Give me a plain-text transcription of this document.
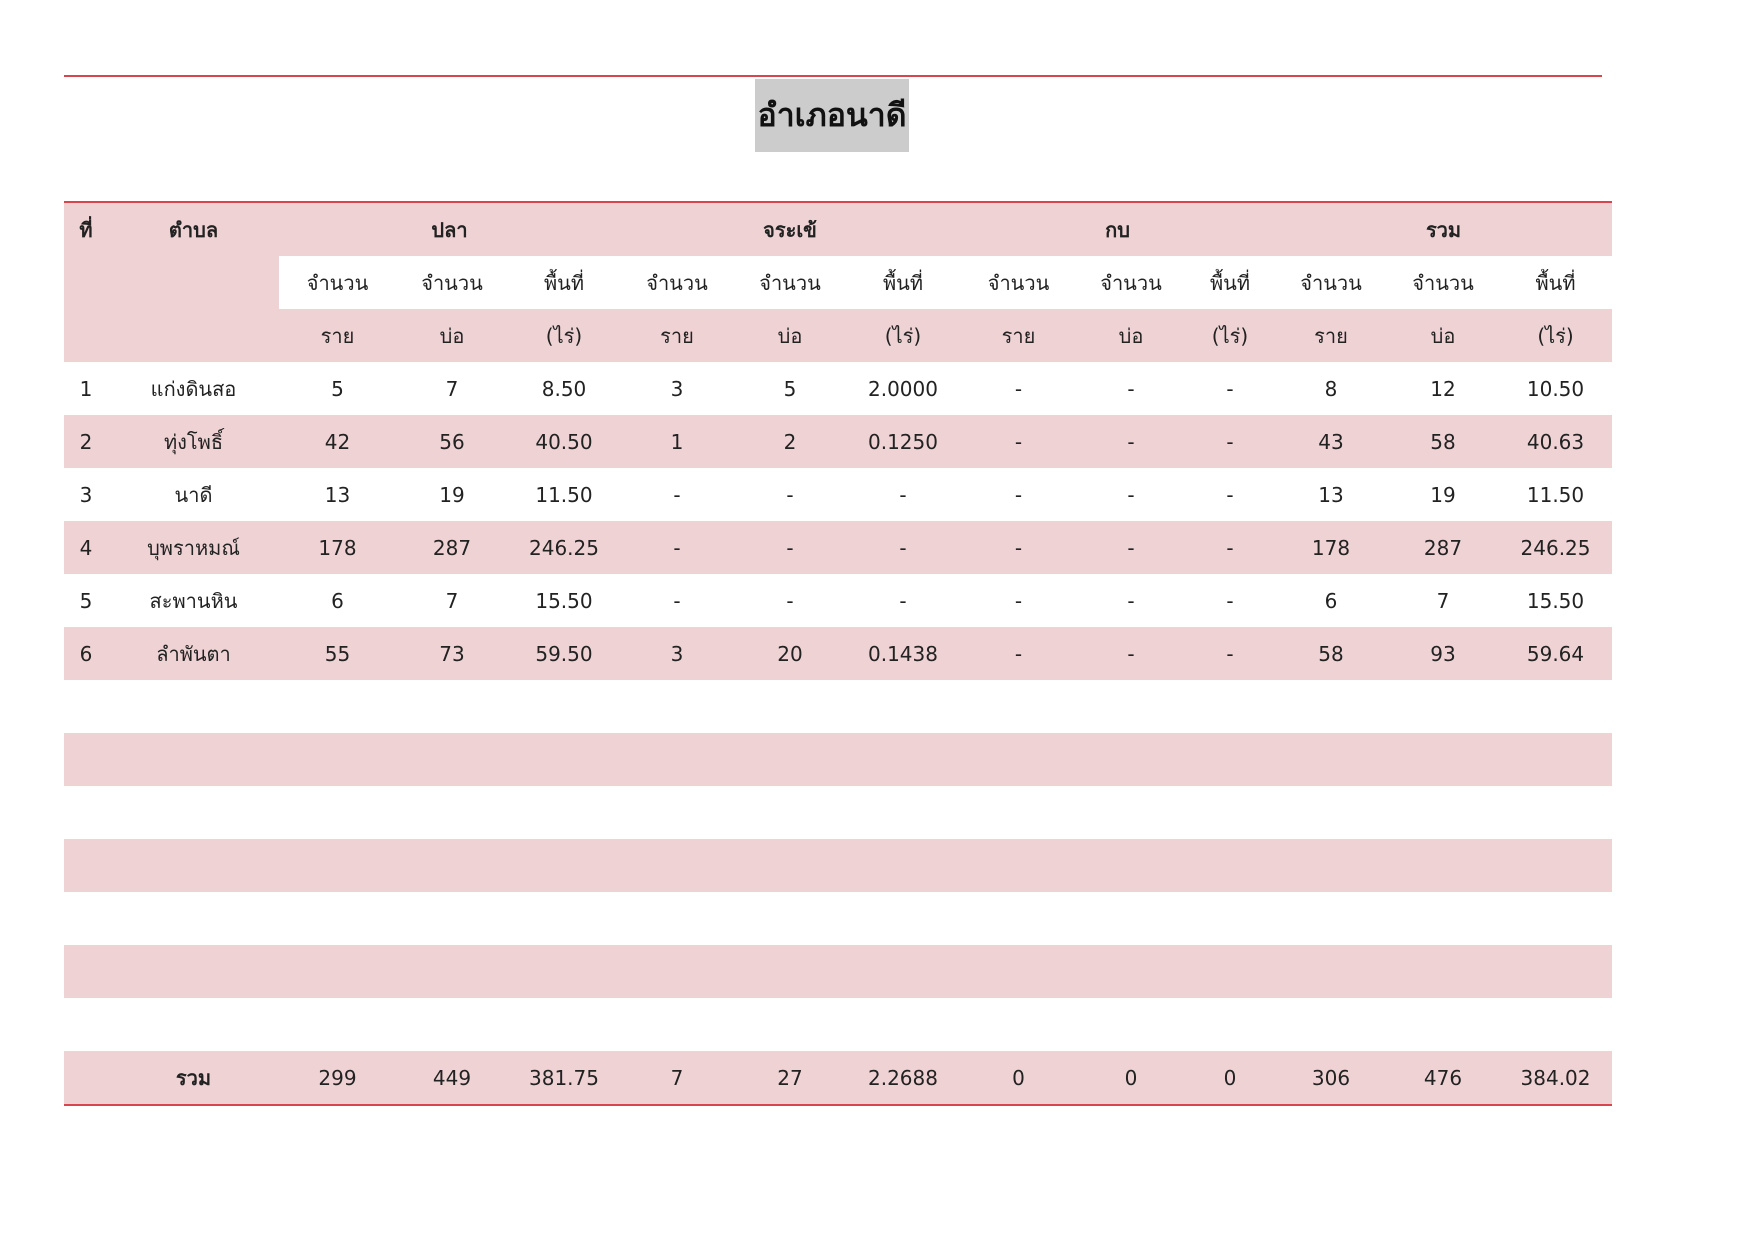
อำเภอนาดี
ที่	ตำบล	ปลา			จระเข้			กบ			รวม		
		จำนวน	จำนวน	พื้นที่	จำนวน	จำนวน	พื้นที่	จำนวน	จำนวน	พื้นที่	จำนวน	จำนวน	พื้นที่
		ราย	บ่อ	(ไร่)	ราย	บ่อ	(ไร่)	ราย	บ่อ	(ไร่)	ราย	บ่อ	(ไร่)
1	แก่งดินสอ	5	7	8.50	3	5	2.0000	-	-	-	8	12	10.50
2	ทุ่งโพธิ์	42	56	40.50	1	2	0.1250	-	-	-	43	58	40.63
3	นาดี	13	19	11.50	-	-	-	-	-	-	13	19	11.50
4	บุพราหมณ์	178	287	246.25	-	-	-	-	-	-	178	287	246.25
5	สะพานหิน	6	7	15.50	-	-	-	-	-	-	6	7	15.50
6	ลำพันตา	55	73	59.50	3	20	0.1438	-	-	-	58	93	59.64

	รวม	299	449	381.75	7	27	2.2688	0	0	0	306	476	384.02
